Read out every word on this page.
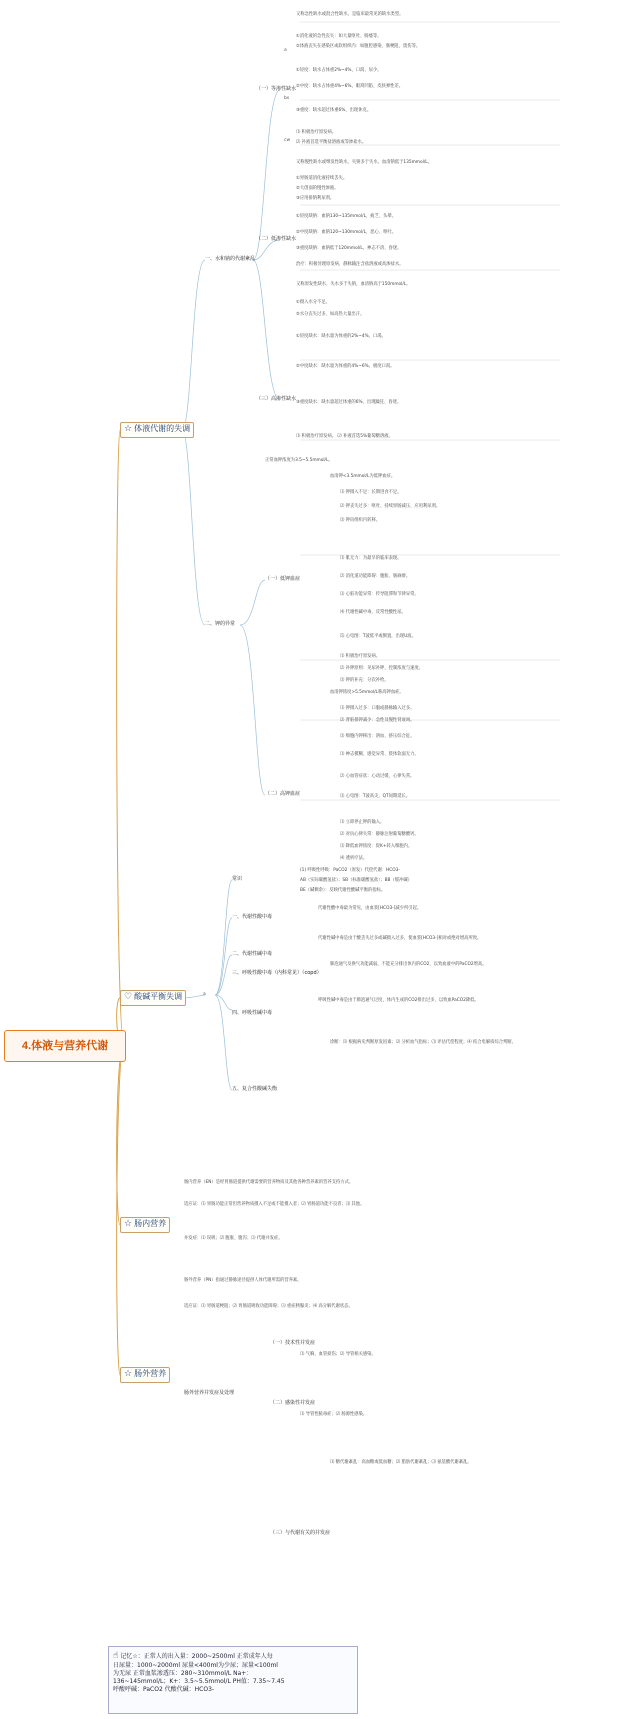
4.体液与营养代谢
☆ 体液代谢的失调
♡ 酸碱平衡失调
☆ 肠内营养
☆ 肠外营养
一、水和钠的代谢紊乱
二、钾的异常
（一）等渗性缺水
（二）低渗性缺水
（三）高渗性缺水
又称急性缺水或混合性缺水，是临床最常见的缺水类型。
a
①消化液的急性丧失：如大量呕吐、肠瘘等。
②体液丧失在感染区或软组织内：如腹腔感染、肠梗阻、烧伤等。
bs
①轻度：缺水占体重2%~4%，口渴、尿少。
②中度：缺水占体重4%~6%，眼窝凹陷、皮肤弹性差。
③重度：缺水超过体重6%，出现休克。
cw
⑴ 积极治疗原发病。
⑵ 补液首选平衡盐溶液或等渗盐水。
又称慢性缺水或继发性缺水，失钠多于失水，血清钠低于135mmol/L。
①胃肠道消化液持续丢失。
②大创面的慢性渗液。
③应用排钠利尿剂。
①轻度缺钠：血钠130~135mmol/L，疲乏、头晕。
②中度缺钠：血钠120~130mmol/L，恶心、呕吐。
③重度缺钠：血钠低于120mmol/L，神志不清、昏迷。
治疗：积极处理原发病，静脉输注含盐溶液或高渗盐水。
又称原发性缺水，失水多于失钠，血清钠高于150mmol/L。
①摄入水分不足。
②水分丧失过多，如高热大量出汗。
①轻度缺水：缺水量为体重的2%~4%，口渴。
②中度缺水：缺水量为体重的4%~6%，极度口渴。
③重度缺水：缺水量超过体重的6%，出现躁狂、昏迷。
⑴ 积极治疗原发病。 ⑵ 补液首选5%葡萄糖溶液。
正常血钾浓度为3.5~5.5mmol/L。
（一）低钾血症
（二）高钾血症
血清钾<3.5mmol/L为低钾血症。
⑴ 钾摄入不足：长期进食不足。
⑵ 钾丧失过多：呕吐、持续胃肠减压、应用利尿剂。
⑶ 钾向组织内转移。
⑴ 肌无力：为最早的临床表现。
⑵ 消化道功能障碍：腹胀、肠麻痹。
⑶ 心脏功能异常：传导阻滞和节律异常。
⑷ 代谢性碱中毒，反常性酸性尿。
⑸ 心电图：T波低平或倒置，出现U波。
⑴ 积极治疗原发病。
⑵ 补钾原则：见尿补钾，控制浓度与速度。
⑶ 钾的补充：分次补给。
血清钾浓度>5.5mmol/L称高钾血症。
⑴ 钾摄入过多：口服或静脉输入过多。
⑵ 肾脏排钾减少：急性及慢性肾衰竭。
⑶ 细胞内钾移出：溶血、挤压综合征。
⑴ 神志模糊、感觉异常、肢体软弱无力。
⑵ 心血管症状：心动过缓、心律失常。
⑶ 心电图：T波高尖，QT间期延长。
⑴ 立即停止钾的输入。
⑵ 对抗心律失常：静脉注射葡萄糖酸钙。
⑶ 降低血钾浓度：促K+转入细胞内。
⑷ 透析疗法。
a
常识
(1) 呼吸性呼吸：PaCO2（原发）代偿代谢：HCO3-
AB（实际碳酸氢盐）；SB（标准碳酸氢盐）；BB（缓冲碱）
BE（碱剩余）：反映代谢性酸碱平衡的指标。
一、代谢性酸中毒
代谢性酸中毒最为常见，由血浆[HCO3-]减少所引起。
二、代谢性碱中毒
代谢性碱中毒是由于酸丢失过多或碱摄入过多，使血浆[HCO3-]相对或绝对增高所致。
三、呼吸性酸中毒（内科常见）（copd）
肺泡通气及换气功能减弱，不能充分排出体内的CO2，以致血液中的PaCO2增高。
四、呼吸性碱中毒
呼吸性碱中毒是由于肺泡通气过度，体内生成的CO2排出过多，以致血PaCO2降低。
五、复合性酸碱失衡
诊断：⑴ 根据病史判断原发因素；⑵ 分析血气指标；⑶ 评估代偿程度；⑷ 结合电解质综合判断。
肠内营养（EN）是经胃肠道提供代谢需要的营养物质及其他各种营养素的营养支持方式。
适应证：⑴ 胃肠功能正常但营养物质摄入不足或不能摄入者；⑵ 胃肠道功能不良者；⑶ 其他。
并发症：⑴ 误吸；⑵ 腹胀、腹泻；⑶ 代谢并发症。
肠外营养（PN）指通过静脉途径提供人体代谢所需的营养素。
适应证：⑴ 胃肠道梗阻；⑵ 胃肠道吸收功能障碍；⑶ 重症胰腺炎；⑷ 高分解代谢状态。
肠外营养并发症及处理
（一）技术性并发症
⑴ 气胸、血管损伤；⑵ 导管相关感染。
（二）感染性并发症
⑴ 导管性脓毒症；⑵ 肠源性感染。
（三）与代谢有关的并发症
⑴ 糖代谢紊乱：高血糖或低血糖；⑵ 脂肪代谢紊乱；⑶ 氨基酸代谢紊乱。
☝ 记忆☆：正常人的出入量：2000~2500ml 正常成年人每
日尿量：1000~2000ml 尿量<400ml为少尿；尿量<100ml
为无尿 正常血浆渗透压：280~310mmol/L Na+：
136~145mmol/L；K+：3.5~5.5mmol/L PH值：7.35~7.45
呼酸呼碱：PaCO2 代酸代碱：HCO3-
